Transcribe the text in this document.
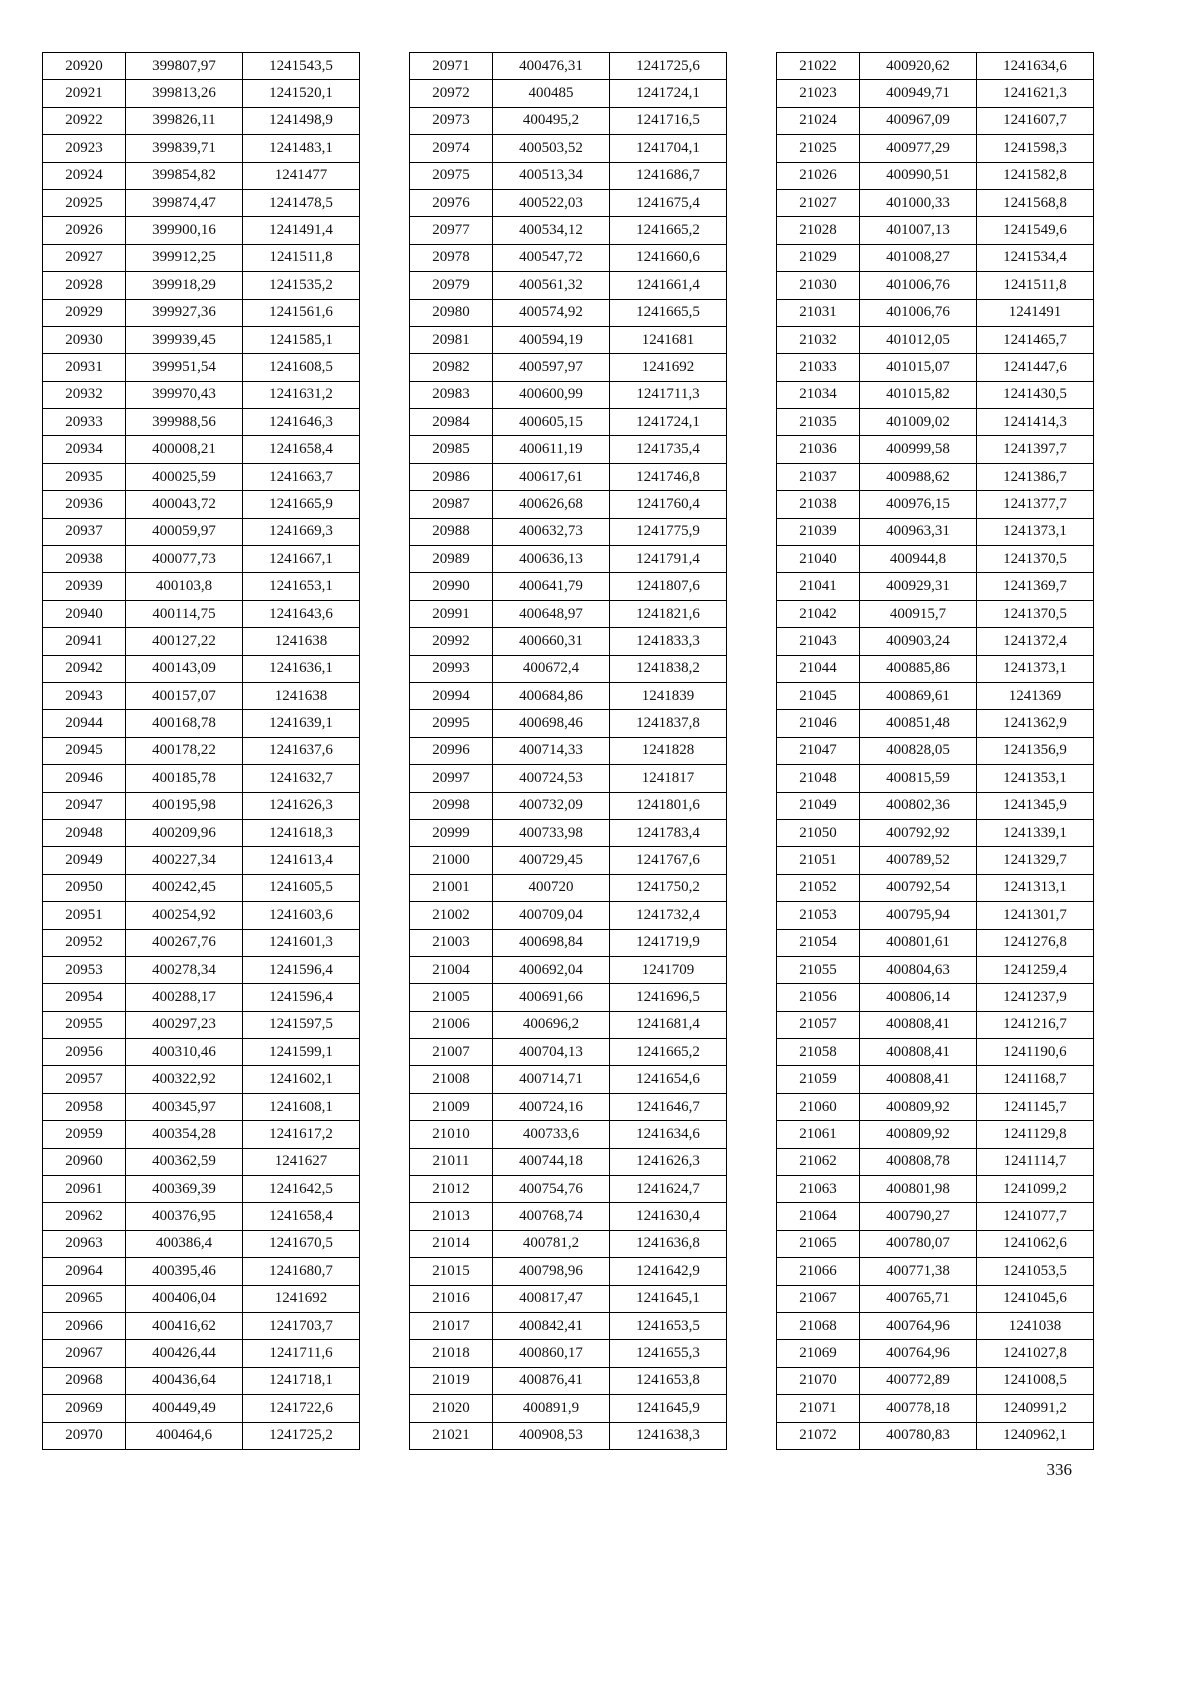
20920	399807,97	1241543,5
20921	399813,26	1241520,1
20922	399826,11	1241498,9
20923	399839,71	1241483,1
20924	399854,82	1241477
20925	399874,47	1241478,5
20926	399900,16	1241491,4
20927	399912,25	1241511,8
20928	399918,29	1241535,2
20929	399927,36	1241561,6
20930	399939,45	1241585,1
20931	399951,54	1241608,5
20932	399970,43	1241631,2
20933	399988,56	1241646,3
20934	400008,21	1241658,4
20935	400025,59	1241663,7
20936	400043,72	1241665,9
20937	400059,97	1241669,3
20938	400077,73	1241667,1
20939	400103,8	1241653,1
20940	400114,75	1241643,6
20941	400127,22	1241638
20942	400143,09	1241636,1
20943	400157,07	1241638
20944	400168,78	1241639,1
20945	400178,22	1241637,6
20946	400185,78	1241632,7
20947	400195,98	1241626,3
20948	400209,96	1241618,3
20949	400227,34	1241613,4
20950	400242,45	1241605,5
20951	400254,92	1241603,6
20952	400267,76	1241601,3
20953	400278,34	1241596,4
20954	400288,17	1241596,4
20955	400297,23	1241597,5
20956	400310,46	1241599,1
20957	400322,92	1241602,1
20958	400345,97	1241608,1
20959	400354,28	1241617,2
20960	400362,59	1241627
20961	400369,39	1241642,5
20962	400376,95	1241658,4
20963	400386,4	1241670,5
20964	400395,46	1241680,7
20965	400406,04	1241692
20966	400416,62	1241703,7
20967	400426,44	1241711,6
20968	400436,64	1241718,1
20969	400449,49	1241722,6
20970	400464,6	1241725,2
20971	400476,31	1241725,6
20972	400485	1241724,1
20973	400495,2	1241716,5
20974	400503,52	1241704,1
20975	400513,34	1241686,7
20976	400522,03	1241675,4
20977	400534,12	1241665,2
20978	400547,72	1241660,6
20979	400561,32	1241661,4
20980	400574,92	1241665,5
20981	400594,19	1241681
20982	400597,97	1241692
20983	400600,99	1241711,3
20984	400605,15	1241724,1
20985	400611,19	1241735,4
20986	400617,61	1241746,8
20987	400626,68	1241760,4
20988	400632,73	1241775,9
20989	400636,13	1241791,4
20990	400641,79	1241807,6
20991	400648,97	1241821,6
20992	400660,31	1241833,3
20993	400672,4	1241838,2
20994	400684,86	1241839
20995	400698,46	1241837,8
20996	400714,33	1241828
20997	400724,53	1241817
20998	400732,09	1241801,6
20999	400733,98	1241783,4
21000	400729,45	1241767,6
21001	400720	1241750,2
21002	400709,04	1241732,4
21003	400698,84	1241719,9
21004	400692,04	1241709
21005	400691,66	1241696,5
21006	400696,2	1241681,4
21007	400704,13	1241665,2
21008	400714,71	1241654,6
21009	400724,16	1241646,7
21010	400733,6	1241634,6
21011	400744,18	1241626,3
21012	400754,76	1241624,7
21013	400768,74	1241630,4
21014	400781,2	1241636,8
21015	400798,96	1241642,9
21016	400817,47	1241645,1
21017	400842,41	1241653,5
21018	400860,17	1241655,3
21019	400876,41	1241653,8
21020	400891,9	1241645,9
21021	400908,53	1241638,3
21022	400920,62	1241634,6
21023	400949,71	1241621,3
21024	400967,09	1241607,7
21025	400977,29	1241598,3
21026	400990,51	1241582,8
21027	401000,33	1241568,8
21028	401007,13	1241549,6
21029	401008,27	1241534,4
21030	401006,76	1241511,8
21031	401006,76	1241491
21032	401012,05	1241465,7
21033	401015,07	1241447,6
21034	401015,82	1241430,5
21035	401009,02	1241414,3
21036	400999,58	1241397,7
21037	400988,62	1241386,7
21038	400976,15	1241377,7
21039	400963,31	1241373,1
21040	400944,8	1241370,5
21041	400929,31	1241369,7
21042	400915,7	1241370,5
21043	400903,24	1241372,4
21044	400885,86	1241373,1
21045	400869,61	1241369
21046	400851,48	1241362,9
21047	400828,05	1241356,9
21048	400815,59	1241353,1
21049	400802,36	1241345,9
21050	400792,92	1241339,1
21051	400789,52	1241329,7
21052	400792,54	1241313,1
21053	400795,94	1241301,7
21054	400801,61	1241276,8
21055	400804,63	1241259,4
21056	400806,14	1241237,9
21057	400808,41	1241216,7
21058	400808,41	1241190,6
21059	400808,41	1241168,7
21060	400809,92	1241145,7
21061	400809,92	1241129,8
21062	400808,78	1241114,7
21063	400801,98	1241099,2
21064	400790,27	1241077,7
21065	400780,07	1241062,6
21066	400771,38	1241053,5
21067	400765,71	1241045,6
21068	400764,96	1241038
21069	400764,96	1241027,8
21070	400772,89	1241008,5
21071	400778,18	1240991,2
21072	400780,83	1240962,1
336
